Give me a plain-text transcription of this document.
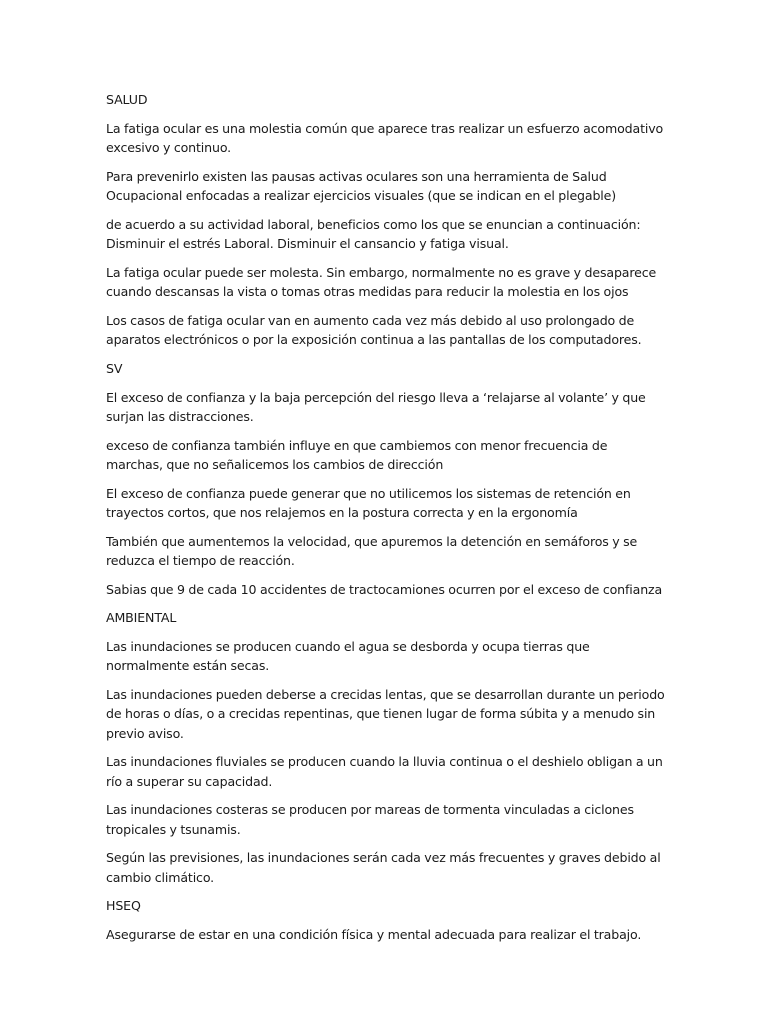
SALUD

La fatiga ocular es una molestia común que aparece tras realizar un esfuerzo acomodativo excesivo y continuo.

Para prevenirlo existen las pausas activas oculares son una herramienta de Salud Ocupacional enfocadas a realizar ejercicios visuales (que se indican en el plegable)

de acuerdo a su actividad laboral, beneficios como los que se enuncian a continuación: Disminuir el estrés Laboral. Disminuir el cansancio y fatiga visual.

La fatiga ocular puede ser molesta. Sin embargo, normalmente no es grave y desaparece cuando descansas la vista o tomas otras medidas para reducir la molestia en los ojos

Los casos de fatiga ocular van en aumento cada vez más debido al uso prolongado de aparatos electrónicos o por la exposición continua a las pantallas de los computadores.

SV

El exceso de confianza y la baja percepción del riesgo lleva a ‘relajarse al volante’ y que surjan las distracciones.

exceso de confianza también influye en que cambiemos con menor frecuencia de marchas, que no señalicemos los cambios de dirección

El exceso de confianza puede generar que no utilicemos los sistemas de retención en trayectos cortos, que nos relajemos en la postura correcta y en la ergonomía

También que aumentemos la velocidad, que apuremos la detención en semáforos y se reduzca el tiempo de reacción.

Sabias que 9 de cada 10 accidentes de tractocamiones ocurren por el exceso de confianza

AMBIENTAL

Las inundaciones se producen cuando el agua se desborda y ocupa tierras que normalmente están secas.

Las inundaciones pueden deberse a crecidas lentas, que se desarrollan durante un periodo de horas o días, o a crecidas repentinas, que tienen lugar de forma súbita y a menudo sin previo aviso.

Las inundaciones fluviales se producen cuando la lluvia continua o el deshielo obligan a un río a superar su capacidad.

Las inundaciones costeras se producen por mareas de tormenta vinculadas a ciclones tropicales y tsunamis.

Según las previsiones, las inundaciones serán cada vez más frecuentes y graves debido al cambio climático.

HSEQ

Asegurarse de estar en una condición física y mental adecuada para realizar el trabajo.
